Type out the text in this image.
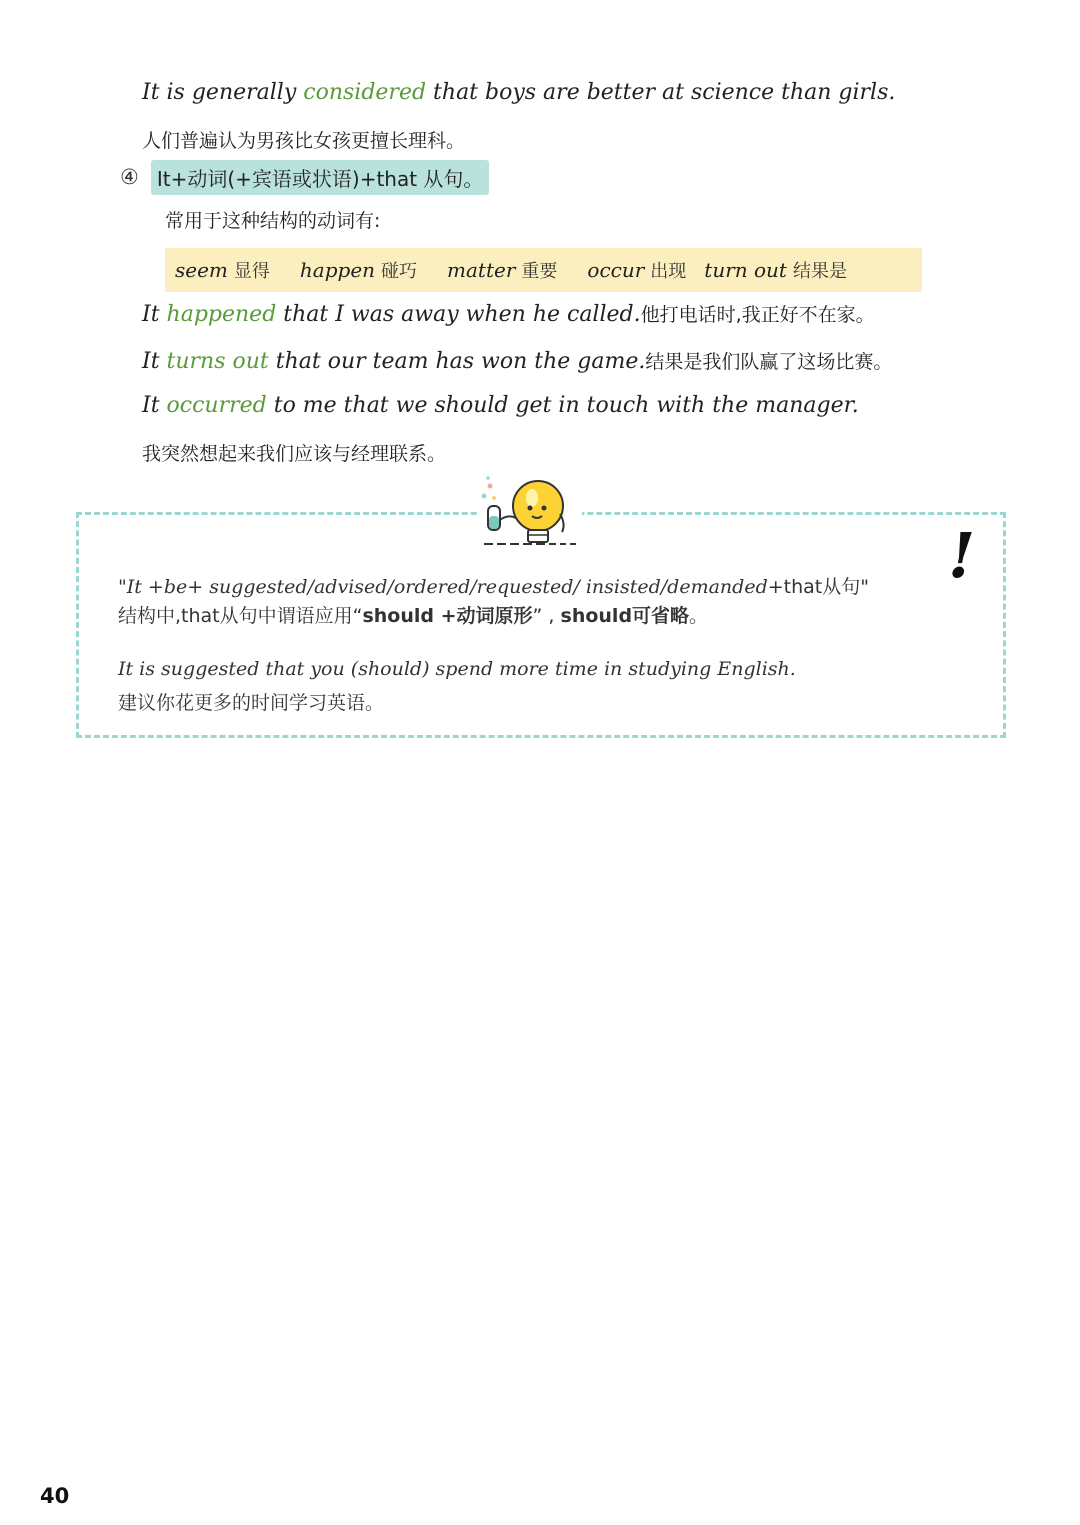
It is generally considered that boys are better at science than girls.
人们普遍认为男孩比女孩更擅长理科。
④ It+动词(+宾语或状语)+that 从句。
常用于这种结构的动词有:
seem 显得 happen 碰巧 matter 重要 occur 出现 turn out 结果是
It happened that I was away when he called.他打电话时,我正好不在家。
It turns out that our team has won the game.结果是我们队赢了这场比赛。
It occurred to me that we should get in touch with the manager.
我突然想起来我们应该与经理联系。
!
"It +be+ suggested/advised/ordered/requested/ insisted/demanded+that从句"
结构中,that从句中谓语应用“should +动词原形” , should可省略。
It is suggested that you (should) spend more time in studying English.
建议你花更多的时间学习英语。
40
